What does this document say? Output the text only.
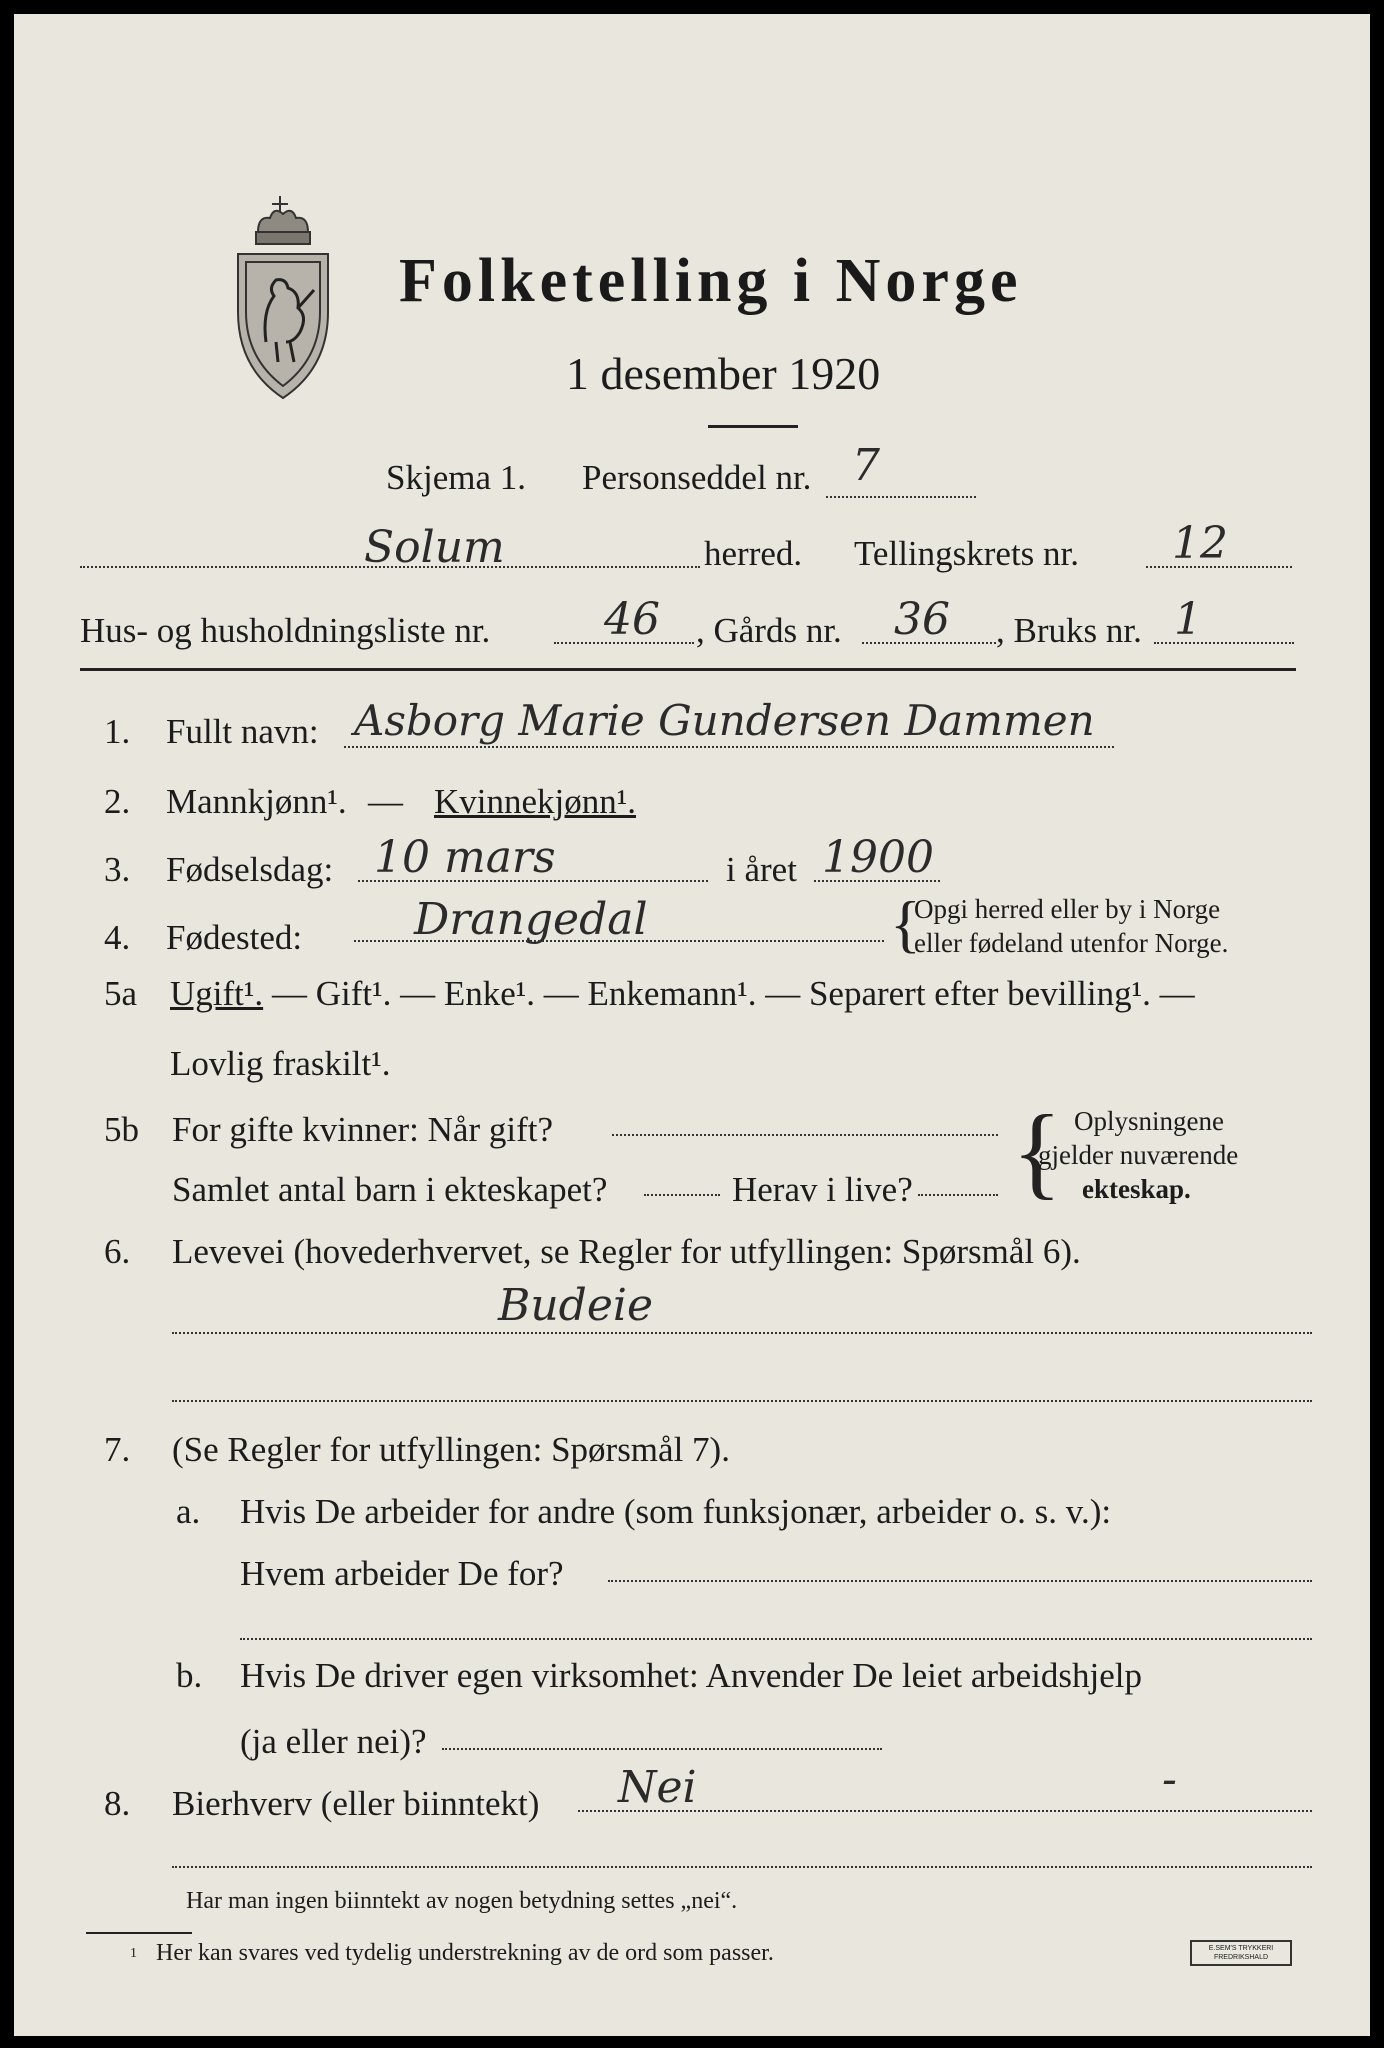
Folketelling i Norge
1 desember 1920
Skjema 1. Personseddel nr. 7
Solum	herred. Tellingskrets nr. 12
Hus- og husholdningsliste nr.	46 , Gårds nr. 36 , Bruks nr. 1
1. Fullt navn: Asborg Marie Gundersen Dammen
2. Mannkjønn¹. — Kvinnekjønn¹.
3. Fødselsdag: 10 mars	i året 1900
4. Fødested:	Drangedal	{
Opgi herred eller by i Norge
eller fødeland utenfor Norge.
5a Ugift¹. — Gift¹. — Enke¹. — Enkemann¹. — Separert efter bevilling¹. —
Lovlig fraskilt¹.
5b For gifte kvinner: Når gift?
Samlet antal barn i ekteskapet?	Herav i live? { Oplysningene
gjelder nuværende
ekteskap.
6. Levevei (hovederhvervet, se Regler for utfyllingen: Spørsmål 6).
Budeie
7. (Se Regler for utfyllingen: Spørsmål 7).
a. Hvis De arbeider for andre (som funksjonær, arbeider o. s. v.):
Hvem arbeider De for?
b. Hvis De driver egen virksomhet: Anvender De leiet arbeidshjelp
(ja eller nei)?
8. Bierhverv (eller biinntekt) Nei	-
Har man ingen biinntekt av nogen betydning settes „nei“.
1 Her kan svares ved tydelig understrekning av de ord som passer.	E.SEM'S TRYKKERI
FREDRIKSHALD
